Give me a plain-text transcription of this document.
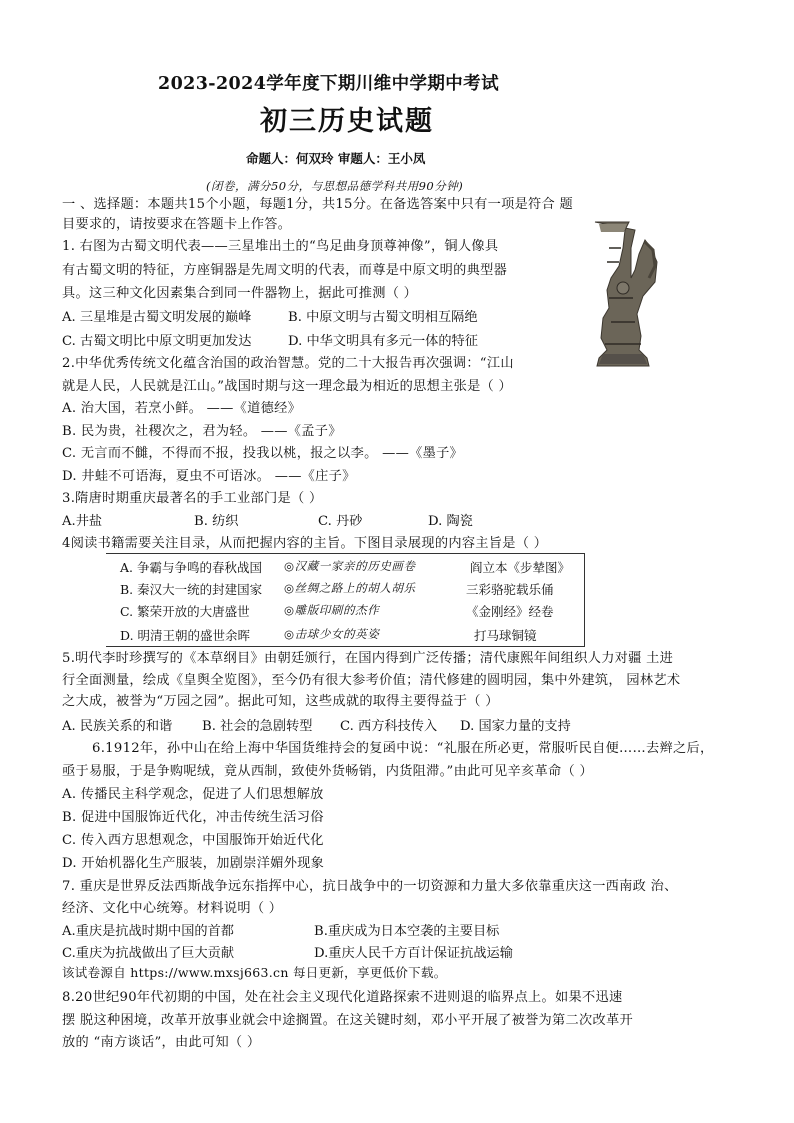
2023-2024学年度下期川维中学期中考试
初三历史试题
命题人：何双玲 审题人：王小凤
(闭卷，满分50分，与思想品德学科共用90分钟)
一 、选择题：本题共15个小题，每题1分，共15分。在备选答案中只有一项是符合 题
目要求的，请按要求在答题卡上作答。
1. 右图为古蜀文明代表——三星堆出土的“鸟足曲身顶尊神像”，铜人像具
有古蜀文明的特征，方座铜器是先周文明的代表，而尊是中原文明的典型器
具。这三种文化因素集合到同一件器物上，据此可推测（ ）
A. 三星堆是古蜀文明发展的巅峰	B. 中原文明与古蜀文明相互隔绝
C. 古蜀文明比中原文明更加发达	D. 中华文明具有多元一体的特征
2.中华优秀传统文化蕴含治国的政治智慧。党的二十大报告再次强调：“江山
就是人民，人民就是江山。”战国时期与这一理念最为相近的思想主张是（ ）
A. 治大国，若烹小鲜。 ——《道德经》
B. 民为贵，社稷次之，君为轻。 ——《孟子》
C. 无言而不雠，不得而不报，投我以桃，报之以李。 ——《墨子》
D. 井蛙不可语海，夏虫不可语冰。 ——《庄子》
3.隋唐时期重庆最著名的手工业部门是（ ）
A.井盐	B. 纺织	C. 丹砂	D. 陶瓷
4阅读书籍需要关注目录，从而把握内容的主旨。下图目录展现的内容主旨是（ ）
A. 争霸与争鸣的春秋战国 ◎汉藏一家亲的历史画卷	阎立本《步辇图》
B. 秦汉大一统的封建国家 ◎丝绸之路上的胡人胡乐	三彩骆驼载乐俑
C. 繁荣开放的大唐盛世	◎雕版印刷的杰作	《金刚经》经卷
D. 明清王朝的盛世余晖	◎击球少女的英姿	打马球铜镜
5.明代李时珍撰写的《本草纲目》由朝廷颁行，在国内得到广泛传播；清代康熙年间组织人力对疆 土进
行全面测量，绘成《皇舆全览图》，至今仍有很大参考价值；清代修建的圆明园，集中外建筑， 园林艺术
之大成，被誉为“万园之园”。据此可知，这些成就的取得主要得益于（ ）
A. 民族关系的和谐 B. 社会的急剧转型 C. 西方科技传入 D. 国家力量的支持
6.1912年，孙中山在给上海中华国货维持会的复函中说：“礼服在所必更，常服听民自便……去辫之后，
亟于易服，于是争购呢绒，竟从西制，致使外货畅销，内货阻滞。”由此可见辛亥革命（ ）
A. 传播民主科学观念，促进了人们思想解放
B. 促进中国服饰近代化，冲击传统生活习俗
C. 传入西方思想观念，中国服饰开始近代化
D. 开始机器化生产服装，加剧崇洋媚外现象
7. 重庆是世界反法西斯战争远东指挥中心，抗日战争中的一切资源和力量大多依靠重庆这一西南政 治、
经济、文化中心统筹。材料说明（ ）
A.重庆是抗战时期中国的首都	B.重庆成为日本空袭的主要目标
C.重庆为抗战做出了巨大贡献	D.重庆人民千方百计保证抗战运输
该试卷源自 https://www.mxsj663.cn 每日更新，享更低价下载。
8.20世纪90年代初期的中国，处在社会主义现代化道路探索不进则退的临界点上。如果不迅速
摆 脱这种困境，改革开放事业就会中途搁置。在这关键时刻，邓小平开展了被誉为第二次改革开
放的 “南方谈话”，由此可知（ ）
